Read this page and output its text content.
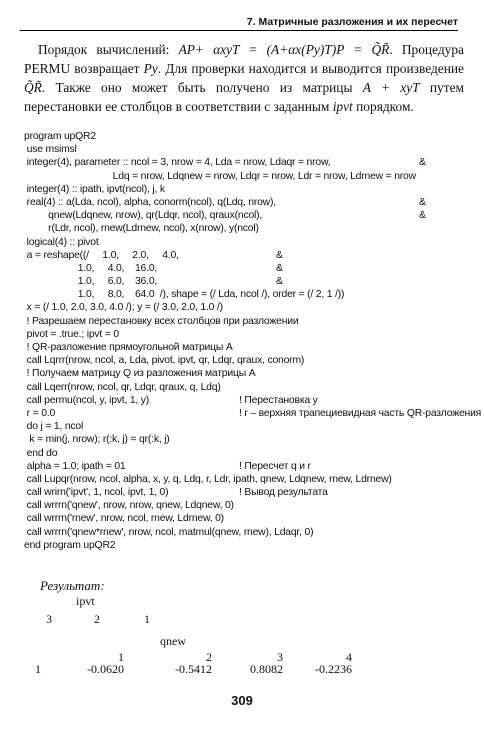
7. Матричные разложения и их пересчет

Порядок вычислений: AP+ αxyT = (A+αx(Py)T)P = Q̃R̃. Процедура PERMU возвращает Py. Для проверки находится и выводится произведение Q̃R̃. Также оно может быть получено из матрицы A + xyT путем перестановки ее столбцов в соответствии с заданным ipvt порядком.

program upQR2
use msimsl
integer(4), parameter :: ncol = 3, nrow = 4, Lda = nrow, Ldaqr = nrow,	&
Ldq = nrow, Ldqnew = nrow, Ldqr = nrow, Ldr = nrow, Ldrnew = nrow
integer(4) :: ipath, ipvt(ncol), j, k
real(4) :: a(Lda, ncol), alpha, conorm(ncol), q(Ldq, nrow),	&
qnew(Ldqnew, nrow), qr(Ldqr, ncol), qraux(ncol),	&
r(Ldr, ncol), rnew(Ldrnew, ncol), x(nrow), y(ncol)
logical(4) :: pivot
a = reshape((/     1.0,     2.0,     4.0,	&
1.0,     4.0,    16.0,	&
1.0,     6.0,    36.0,	&
1.0,     8.0,    64.0  /), shape = (/ Lda, ncol /), order = (/ 2, 1 /))
x = (/ 1.0, 2.0, 3.0, 4.0 /); y = (/ 3.0, 2.0, 1.0 /)
! Разрешаем перестановку всех столбцов при разложении
pivot = .true.; ipvt = 0
! QR-разложение прямоугольной матрицы A
call Lqrrr(nrow, ncol, a, Lda, pivot, ipvt, qr, Ldqr, qraux, conorm)
! Получаем матрицу Q из разложения матрицы A
call Lqerr(nrow, ncol, qr, Ldqr, qraux, q, Ldq)
call permu(ncol, y, ipvt, 1, y)	! Перестановка y
r = 0.0	! r – верхняя трапециевидная часть QR-разложения
do j = 1, ncol
k = min(j, nrow); r(:k, j) = qr(:k, j)
end do
alpha = 1.0; ipath = 01	! Пересчет q и r
call Lupqr(nrow, ncol, alpha, x, y, q, Ldq, r, Ldr, ipath, qnew, Ldqnew, rnew, Ldrnew)
call wrirn('ipvt', 1, ncol, ipvt, 1, 0)	! Вывод результата
call wrrrn('qnew', nrow, nrow, qnew, Ldqnew, 0)
call wrrrn('rnew', nrow, ncol, rnew, Ldrnew, 0)
call wrrrn('qnew*rnew', nrow, ncol, matmul(qnew, rnew), Ldaqr, 0)
end program upQR2
Результат:
ipvt
3	2	1
qnew
1	2	3	4
1	-0.0620	-0.5412	0.8082	-0.2236
309
